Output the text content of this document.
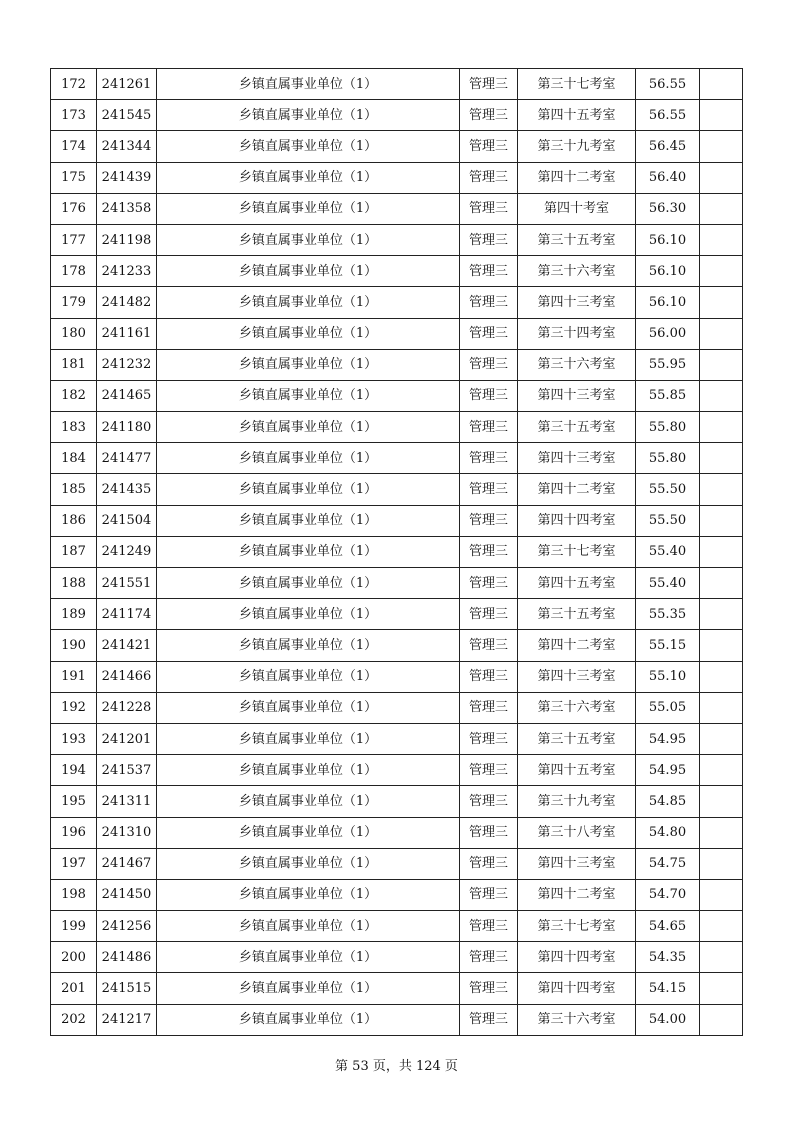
172	241261	乡镇直属事业单位（1）	管理三	第三十七考室	56.55	
173	241545	乡镇直属事业单位（1）	管理三	第四十五考室	56.55	
174	241344	乡镇直属事业单位（1）	管理三	第三十九考室	56.45	
175	241439	乡镇直属事业单位（1）	管理三	第四十二考室	56.40	
176	241358	乡镇直属事业单位（1）	管理三	第四十考室	56.30	
177	241198	乡镇直属事业单位（1）	管理三	第三十五考室	56.10	
178	241233	乡镇直属事业单位（1）	管理三	第三十六考室	56.10	
179	241482	乡镇直属事业单位（1）	管理三	第四十三考室	56.10	
180	241161	乡镇直属事业单位（1）	管理三	第三十四考室	56.00	
181	241232	乡镇直属事业单位（1）	管理三	第三十六考室	55.95	
182	241465	乡镇直属事业单位（1）	管理三	第四十三考室	55.85	
183	241180	乡镇直属事业单位（1）	管理三	第三十五考室	55.80	
184	241477	乡镇直属事业单位（1）	管理三	第四十三考室	55.80	
185	241435	乡镇直属事业单位（1）	管理三	第四十二考室	55.50	
186	241504	乡镇直属事业单位（1）	管理三	第四十四考室	55.50	
187	241249	乡镇直属事业单位（1）	管理三	第三十七考室	55.40	
188	241551	乡镇直属事业单位（1）	管理三	第四十五考室	55.40	
189	241174	乡镇直属事业单位（1）	管理三	第三十五考室	55.35	
190	241421	乡镇直属事业单位（1）	管理三	第四十二考室	55.15	
191	241466	乡镇直属事业单位（1）	管理三	第四十三考室	55.10	
192	241228	乡镇直属事业单位（1）	管理三	第三十六考室	55.05	
193	241201	乡镇直属事业单位（1）	管理三	第三十五考室	54.95	
194	241537	乡镇直属事业单位（1）	管理三	第四十五考室	54.95	
195	241311	乡镇直属事业单位（1）	管理三	第三十九考室	54.85	
196	241310	乡镇直属事业单位（1）	管理三	第三十八考室	54.80	
197	241467	乡镇直属事业单位（1）	管理三	第四十三考室	54.75	
198	241450	乡镇直属事业单位（1）	管理三	第四十二考室	54.70	
199	241256	乡镇直属事业单位（1）	管理三	第三十七考室	54.65	
200	241486	乡镇直属事业单位（1）	管理三	第四十四考室	54.35	
201	241515	乡镇直属事业单位（1）	管理三	第四十四考室	54.15	
202	241217	乡镇直属事业单位（1）	管理三	第三十六考室	54.00	
第 53 页，共 124 页
